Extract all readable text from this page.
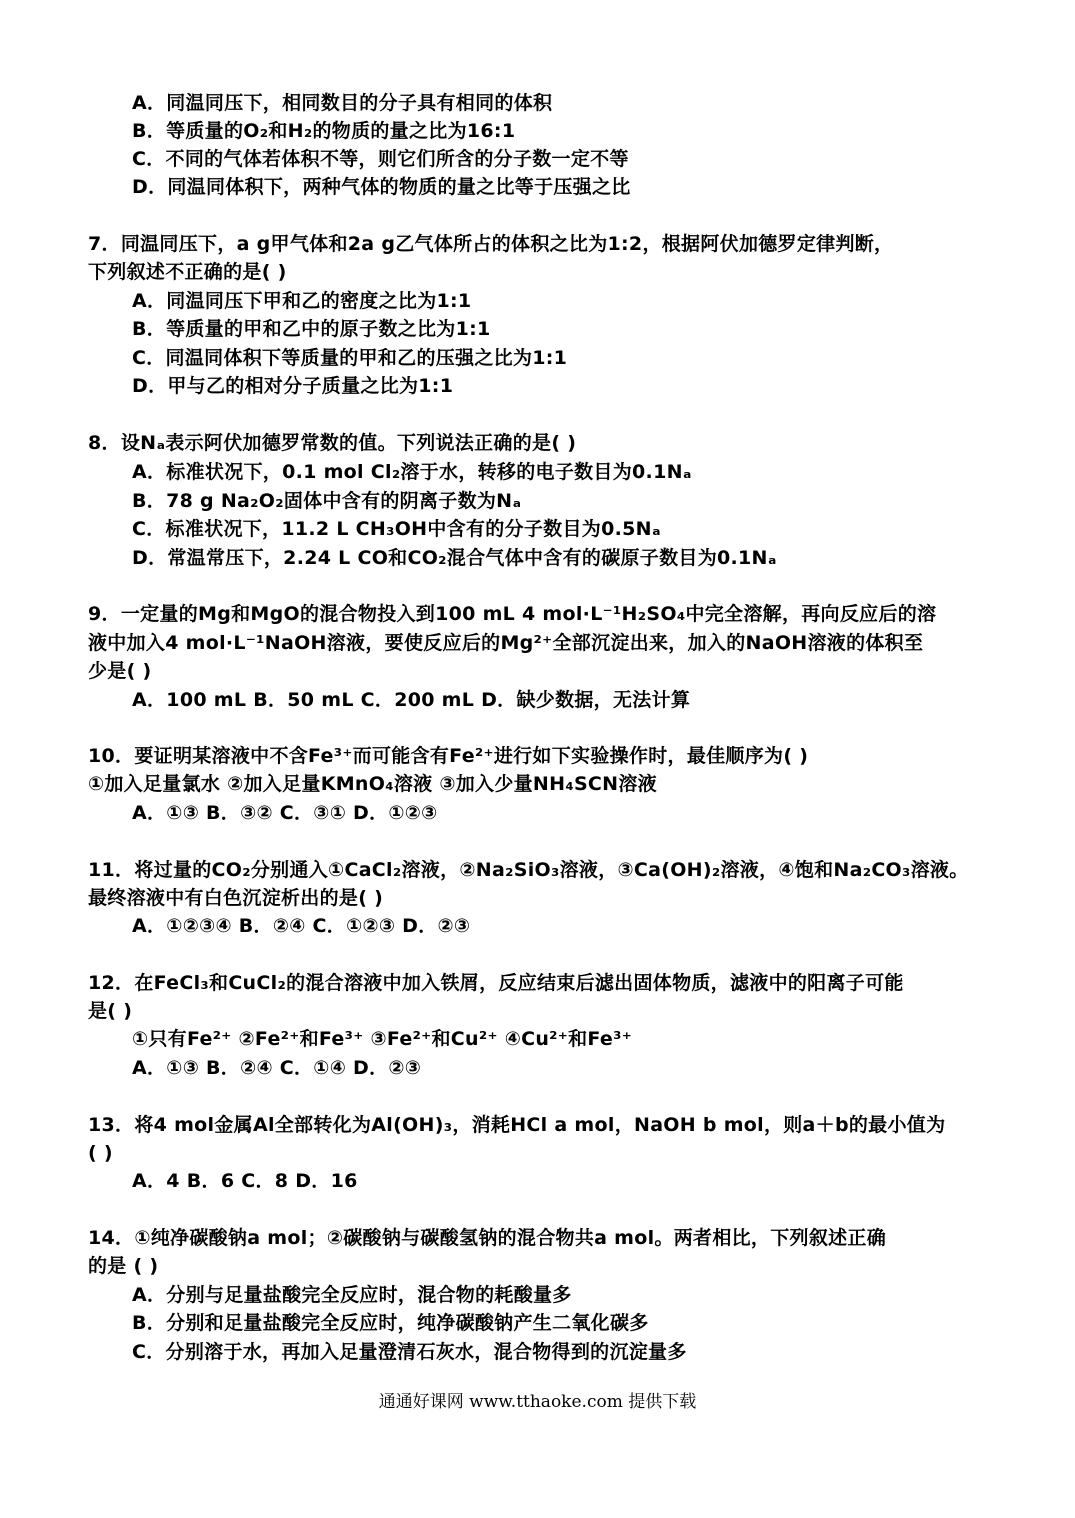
A．同温同压下，相同数目的分子具有相同的体积
B．等质量的O₂和H₂的物质的量之比为16:1
C．不同的气体若体积不等，则它们所含的分子数一定不等
D．同温同体积下，两种气体的物质的量之比等于压强之比
7．同温同压下，a g甲气体和2a g乙气体所占的体积之比为1:2，根据阿伏加德罗定律判断，
下列叙述不正确的是( )
A．同温同压下甲和乙的密度之比为1:1
B．等质量的甲和乙中的原子数之比为1:1
C．同温同体积下等质量的甲和乙的压强之比为1:1
D．甲与乙的相对分子质量之比为1:1
8．设Nₐ表示阿伏加德罗常数的值。下列说法正确的是( )
A．标准状况下，0.1 mol Cl₂溶于水，转移的电子数目为0.1Nₐ
B．78 g Na₂O₂固体中含有的阴离子数为Nₐ
C．标准状况下，11.2 L CH₃OH中含有的分子数目为0.5Nₐ
D．常温常压下，2.24 L CO和CO₂混合气体中含有的碳原子数目为0.1Nₐ
9．一定量的Mg和MgO的混合物投入到100 mL 4 mol·L⁻¹H₂SO₄中完全溶解，再向反应后的溶
液中加入4 mol·L⁻¹NaOH溶液，要使反应后的Mg²⁺全部沉淀出来，加入的NaOH溶液的体积至
少是( )
A．100 mL B．50 mL C．200 mL D．缺少数据，无法计算
10．要证明某溶液中不含Fe³⁺而可能含有Fe²⁺进行如下实验操作时，最佳顺序为( )
①加入足量氯水 ②加入足量KMnO₄溶液 ③加入少量NH₄SCN溶液
A．①③ B．③② C．③① D．①②③
11．将过量的CO₂分别通入①CaCl₂溶液，②Na₂SiO₃溶液，③Ca(OH)₂溶液，④饱和Na₂CO₃溶液。
最终溶液中有白色沉淀析出的是( )
A．①②③④ B．②④ C．①②③ D．②③
12．在FeCl₃和CuCl₂的混合溶液中加入铁屑，反应结束后滤出固体物质，滤液中的阳离子可能
是( )
①只有Fe²⁺ ②Fe²⁺和Fe³⁺ ③Fe²⁺和Cu²⁺ ④Cu²⁺和Fe³⁺
A．①③ B．②④ C．①④ D．②③
13．将4 mol金属Al全部转化为Al(OH)₃，消耗HCl a mol，NaOH b mol，则a＋b的最小值为
( )
A．4 B．6 C．8 D．16
14．①纯净碳酸钠a mol；②碳酸钠与碳酸氢钠的混合物共a mol。两者相比，下列叙述正确
的是 ( )
A．分别与足量盐酸完全反应时，混合物的耗酸量多
B．分别和足量盐酸完全反应时，纯净碳酸钠产生二氧化碳多
C．分别溶于水，再加入足量澄清石灰水，混合物得到的沉淀量多
通通好课网 www.tthaoke.com 提供下载
